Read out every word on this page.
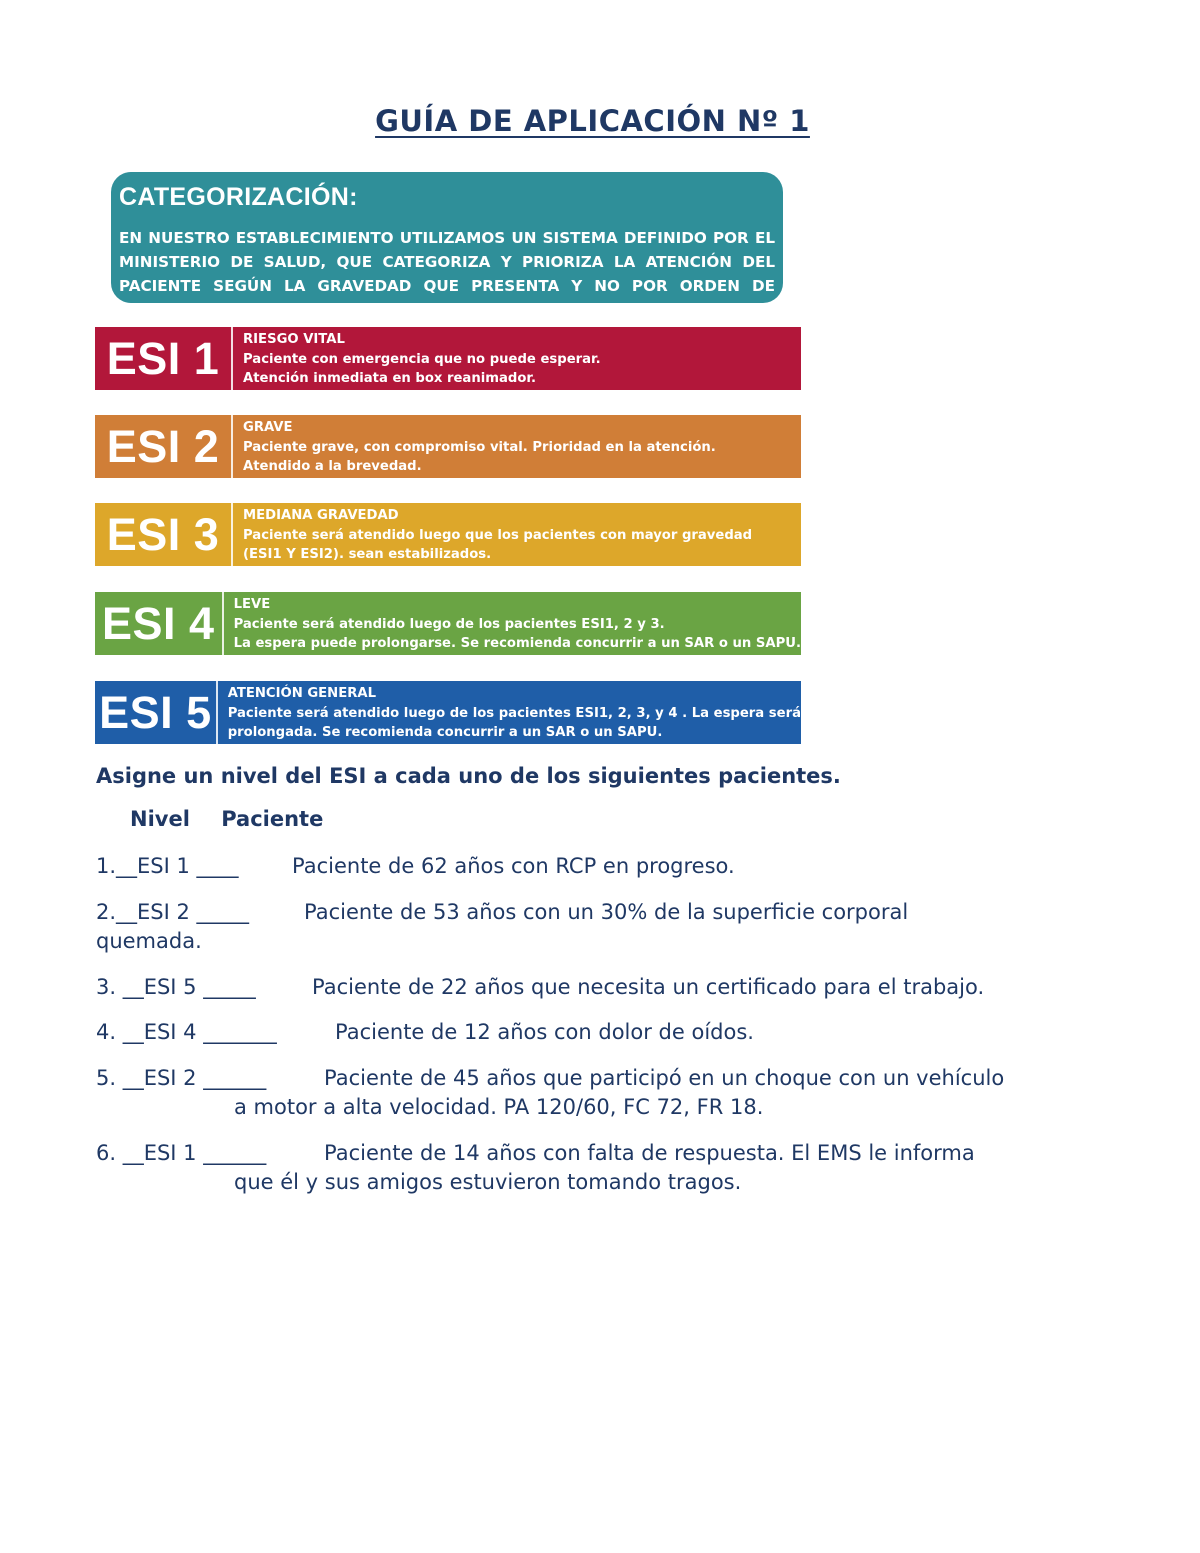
GUÍA DE APLICACIÓN Nº 1
CATEGORIZACIÓN:
EN NUESTRO ESTABLECIMIENTO UTILIZAMOS UN SISTEMA DEFINIDO POR EL
MINISTERIO DE SALUD, QUE CATEGORIZA Y PRIORIZA LA ATENCIÓN DEL
PACIENTE SEGÚN LA GRAVEDAD QUE PRESENTA Y NO POR ORDEN DE LLEGADA.
ESI 1	RIESGO VITAL
Paciente con emergencia que no puede esperar.
Atención inmediata en box reanimador.
ESI 2	GRAVE
Paciente grave, con compromiso vital. Prioridad en la atención.
Atendido a la brevedad.
ESI 3	MEDIANA GRAVEDAD
Paciente será atendido luego que los pacientes con mayor gravedad
(ESI1 Y ESI2). sean estabilizados.
ESI 4	LEVE
Paciente será atendido luego de los pacientes ESI1, 2 y 3.
La espera puede prolongarse. Se recomienda concurrir a un SAR o un SAPU.
ESI 5	ATENCIÓN GENERAL
Paciente será atendido luego de los pacientes ESI1, 2, 3, y 4 . La espera será
prolongada. Se recomienda concurrir a un SAR o un SAPU.
Asigne un nivel del ESI a cada uno de los siguientes pacientes.
Nivel Paciente
1.__ESI 1 ____	Paciente de 62 años con RCP en progreso.
2.__ESI 2 _____	Paciente de 53 años con un 30% de la superficie corporal
quemada.
3. __ESI 5 _____	Paciente de 22 años que necesita un certificado para el trabajo.
4. __ESI 4 _______	Paciente de 12 años con dolor de oídos.
5. __ESI 2 ______	Paciente de 45 años que participó en un choque con un vehículo
a motor a alta velocidad. PA 120/60, FC 72, FR 18.
6. __ESI 1 ______	Paciente de 14 años con falta de respuesta. El EMS le informa
que él y sus amigos estuvieron tomando tragos.
